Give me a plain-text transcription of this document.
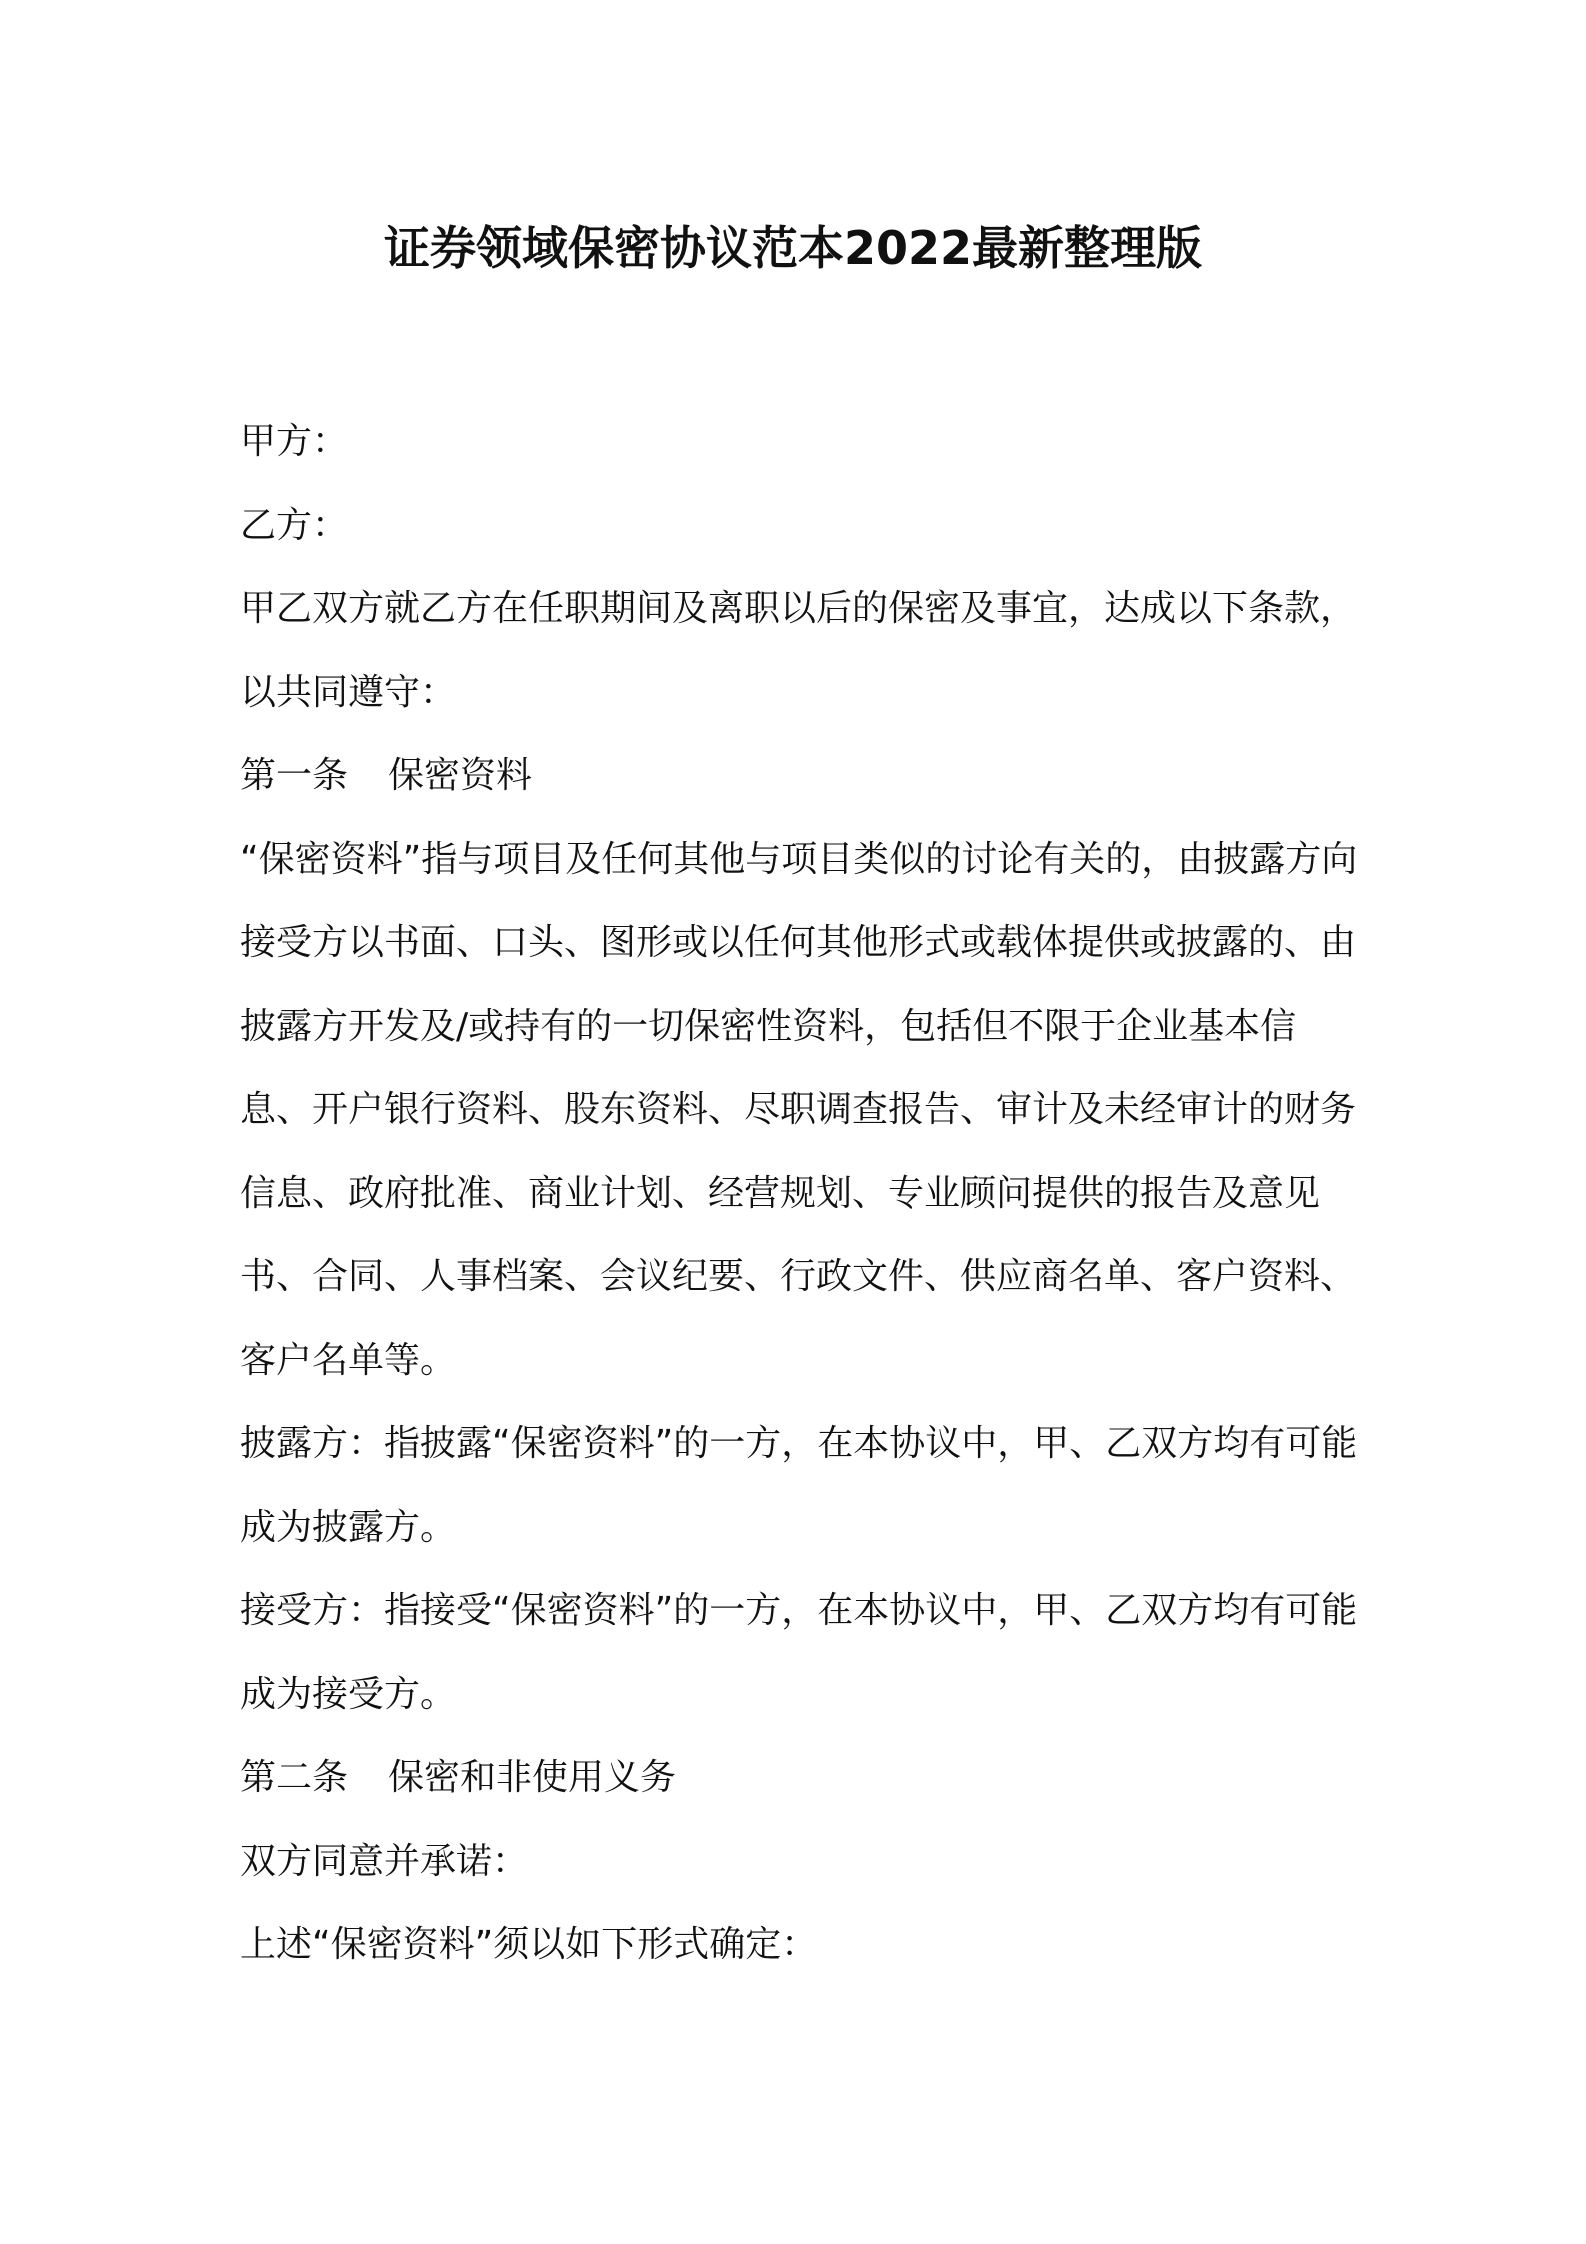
证券领域保密协议范本2022最新整理版

甲方：

乙方：

甲乙双方就乙方在任职期间及离职以后的保密及事宜，达成以下条款，以共同遵守：

第一条 保密资料

“保密资料”指与项目及任何其他与项目类似的讨论有关的，由披露方向接受方以书面、口头、图形或以任何其他形式或载体提供或披露的、由披露方开发及/或持有的一切保密性资料，包括但不限于企业基本信息、开户银行资料、股东资料、尽职调查报告、审计及未经审计的财务信息、政府批准、商业计划、经营规划、专业顾问提供的报告及意见书、合同、人事档案、会议纪要、行政文件、供应商名单、客户资料、客户名单等。

披露方：指披露“保密资料”的一方，在本协议中，甲、乙双方均有可能成为披露方。

接受方：指接受“保密资料”的一方，在本协议中，甲、乙双方均有可能成为接受方。

第二条 保密和非使用义务

双方同意并承诺：

上述“保密资料”须以如下形式确定：
